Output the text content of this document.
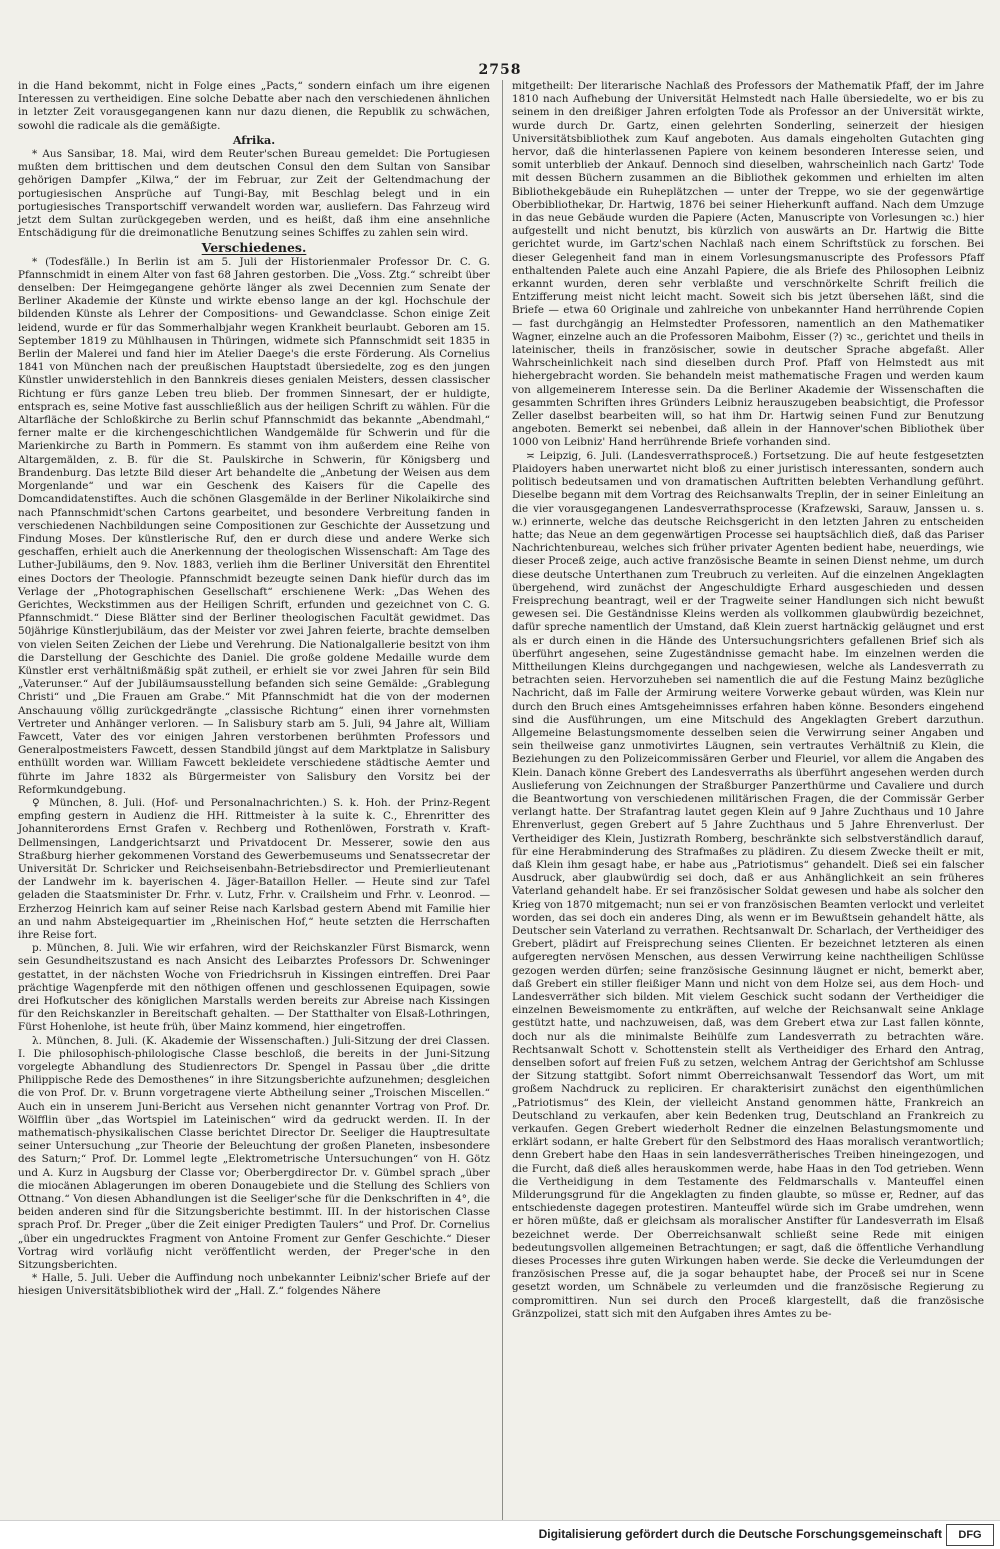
2758

in die Hand bekommt, nicht in Folge eines „Pacts,“ sondern einfach um ihre eigenen Interessen zu vertheidigen. Eine solche Debatte aber nach den verschiedenen ähnlichen in letzter Zeit vorausgegangenen kann nur dazu dienen, die Republik zu schwächen, sowohl die radicale als die gemäßigte.

Afrika.

* Aus Sansibar, 18. Mai, wird dem Reuter'schen Bureau gemeldet: Die Portugiesen mußten dem brittischen und dem deutschen Consul den dem Sultan von Sansibar gehörigen Dampfer „Kilwa,“ der im Februar, zur Zeit der Geltendmachung der portugiesischen Ansprüche auf Tungi-Bay, mit Beschlag belegt und in ein portugiesisches Transportschiff verwandelt worden war, ausliefern. Das Fahrzeug wird jetzt dem Sultan zurückgegeben werden, und es heißt, daß ihm eine ansehnliche Entschädigung für die dreimonatliche Benutzung seines Schiffes zu zahlen sein wird.

Verschiedenes.

* (Todesfälle.) In Berlin ist am 5. Juli der Historienmaler Professor Dr. C. G. Pfannschmidt in einem Alter von fast 68 Jahren gestorben. Die „Voss. Ztg.“ schreibt über denselben: Der Heimgegangene gehörte länger als zwei Decennien zum Senate der Berliner Akademie der Künste und wirkte ebenso lange an der kgl. Hochschule der bildenden Künste als Lehrer der Compositions- und Gewandclasse. Schon einige Zeit leidend, wurde er für das Sommerhalbjahr wegen Krankheit beurlaubt. Geboren am 15. September 1819 zu Mühlhausen in Thüringen, widmete sich Pfannschmidt seit 1835 in Berlin der Malerei und fand hier im Atelier Daege's die erste Förderung. Als Cornelius 1841 von München nach der preußischen Hauptstadt übersiedelte, zog es den jungen Künstler unwiderstehlich in den Bannkreis dieses genialen Meisters, dessen classischer Richtung er fürs ganze Leben treu blieb. Der frommen Sinnesart, der er huldigte, entsprach es, seine Motive fast ausschließlich aus der heiligen Schrift zu wählen. Für die Altarfläche der Schloßkirche zu Berlin schuf Pfannschmidt das bekannte „Abendmahl,“ ferner malte er die kirchengeschichtlichen Wandgemälde für Schwerin und für die Marienkirche zu Barth in Pommern. Es stammt von ihm außerdem eine Reihe von Altargemälden, z. B. für die St. Paulskirche in Schwerin, für Königsberg und Brandenburg. Das letzte Bild dieser Art behandelte die „Anbetung der Weisen aus dem Morgenlande“ und war ein Geschenk des Kaisers für die Capelle des Domcandidatenstiftes. Auch die schönen Glasgemälde in der Berliner Nikolaikirche sind nach Pfannschmidt'schen Cartons gearbeitet, und besondere Verbreitung fanden in verschiedenen Nachbildungen seine Compositionen zur Geschichte der Aussetzung und Findung Moses. Der künstlerische Ruf, den er durch diese und andere Werke sich geschaffen, erhielt auch die Anerkennung der theologischen Wissenschaft: Am Tage des Luther-Jubiläums, den 9. Nov. 1883, verlieh ihm die Berliner Universität den Ehrentitel eines Doctors der Theologie. Pfannschmidt bezeugte seinen Dank hiefür durch das im Verlage der „Photographischen Gesellschaft“ erschienene Werk: „Das Wehen des Gerichtes, Weckstimmen aus der Heiligen Schrift, erfunden und gezeichnet von C. G. Pfannschmidt.“ Diese Blätter sind der Berliner theologischen Facultät gewidmet. Das 50jährige Künstlerjubiläum, das der Meister vor zwei Jahren feierte, brachte demselben von vielen Seiten Zeichen der Liebe und Verehrung. Die Nationalgallerie besitzt von ihm die Darstellung der Geschichte des Daniel. Die große goldene Medaille wurde dem Künstler erst verhältnißmäßig spät zutheil, er erhielt sie vor zwei Jahren für sein Bild „Vaterunser.“ Auf der Jubiläumsausstellung befanden sich seine Gemälde: „Grablegung Christi“ und „Die Frauen am Grabe.“ Mit Pfannschmidt hat die von der modernen Anschauung völlig zurückgedrängte „classische Richtung“ einen ihrer vornehmsten Vertreter und Anhänger verloren. — In Salisbury starb am 5. Juli, 94 Jahre alt, William Fawcett, Vater des vor einigen Jahren verstorbenen berühmten Professors und Generalpostmeisters Fawcett, dessen Standbild jüngst auf dem Marktplatze in Salisbury enthüllt worden war. William Fawcett bekleidete verschiedene städtische Aemter und führte im Jahre 1832 als Bürgermeister von Salisbury den Vorsitz bei der Reformkundgebung.

♀ München, 8. Juli. (Hof- und Personalnachrichten.) S. k. Hoh. der Prinz-Regent empfing gestern in Audienz die HH. Rittmeister à la suite k. C., Ehrenritter des Johanniterordens Ernst Grafen v. Rechberg und Rothenlöwen, Forstrath v. Kraft-Dellmensingen, Landgerichtsarzt und Privatdocent Dr. Messerer, sowie den aus Straßburg hierher gekommenen Vorstand des Gewerbemuseums und Senatssecretar der Universität Dr. Schricker und Reichseisenbahn-Betriebsdirector und Premierlieutenant der Landwehr im k. bayerischen 4. Jäger-Bataillon Heller. — Heute sind zur Tafel geladen die Staatsminister Dr. Frhr. v. Lutz, Frhr. v. Crailsheim und Frhr. v. Leonrod. — Erzherzog Heinrich kam auf seiner Reise nach Karlsbad gestern Abend mit Familie hier an und nahm Absteigequartier im „Rheinischen Hof,“ heute setzten die Herrschaften ihre Reise fort.

p. München, 8. Juli. Wie wir erfahren, wird der Reichskanzler Fürst Bismarck, wenn sein Gesundheitszustand es nach Ansicht des Leibarztes Professors Dr. Schweninger gestattet, in der nächsten Woche von Friedrichsruh in Kissingen eintreffen. Drei Paar prächtige Wagenpferde mit den nöthigen offenen und geschlossenen Equipagen, sowie drei Hofkutscher des königlichen Marstalls werden bereits zur Abreise nach Kissingen für den Reichskanzler in Bereitschaft gehalten. — Der Statthalter von Elsaß-Lothringen, Fürst Hohenlohe, ist heute früh, über Mainz kommend, hier eingetroffen.

λ. München, 8. Juli. (K. Akademie der Wissenschaften.) Juli-Sitzung der drei Classen. I. Die philosophisch-philologische Classe beschloß, die bereits in der Juni-Sitzung vorgelegte Abhandlung des Studienrectors Dr. Spengel in Passau über „die dritte Philippische Rede des Demosthenes“ in ihre Sitzungsberichte aufzunehmen; desgleichen die von Prof. Dr. v. Brunn vorgetragene vierte Abtheilung seiner „Troischen Miscellen.“ Auch ein in unserem Juni-Bericht aus Versehen nicht genannter Vortrag von Prof. Dr. Wölfflin über „das Wortspiel im Lateinischen“ wird da gedruckt werden. II. In der mathematisch-physikalischen Classe berichtet Director Dr. Seeliger die Hauptresultate seiner Untersuchung „zur Theorie der Beleuchtung der großen Planeten, insbesondere des Saturn;“ Prof. Dr. Lommel legte „Elektrometrische Untersuchungen“ von H. Götz und A. Kurz in Augsburg der Classe vor; Oberbergdirector Dr. v. Gümbel sprach „über die miocänen Ablagerungen im oberen Donaugebiete und die Stellung des Schliers von Ottnang.“ Von diesen Abhandlungen ist die Seeliger'sche für die Denkschriften in 4°, die beiden anderen sind für die Sitzungsberichte bestimmt. III. In der historischen Classe sprach Prof. Dr. Preger „über die Zeit einiger Predigten Taulers“ und Prof. Dr. Cornelius „über ein ungedrucktes Fragment von Antoine Froment zur Genfer Geschichte.“ Dieser Vortrag wird vorläufig nicht veröffentlicht werden, der Preger'sche in den Sitzungsberichten.

* Halle, 5. Juli. Ueber die Auffindung noch unbekannter Leibniz'scher Briefe auf der hiesigen Universitätsbibliothek wird der „Hall. Z.“ folgendes Nähere

mitgetheilt: Der literarische Nachlaß des Professors der Mathematik Pfaff, der im Jahre 1810 nach Aufhebung der Universität Helmstedt nach Halle übersiedelte, wo er bis zu seinem in den dreißiger Jahren erfolgten Tode als Professor an der Universität wirkte, wurde durch Dr. Gartz, einen gelehrten Sonderling, seinerzeit der hiesigen Universitätsbibliothek zum Kauf angeboten. Aus damals eingeholten Gutachten ging hervor, daß die hinterlassenen Papiere von keinem besonderen Interesse seien, und somit unterblieb der Ankauf. Dennoch sind dieselben, wahrscheinlich nach Gartz' Tode mit dessen Büchern zusammen an die Bibliothek gekommen und erhielten im alten Bibliothekgebäude ein Ruheplätzchen — unter der Treppe, wo sie der gegenwärtige Oberbibliothekar, Dr. Hartwig, 1876 bei seiner Hieherkunft auffand. Nach dem Umzuge in das neue Gebäude wurden die Papiere (Acten, Manuscripte von Vorlesungen ꝛc.) hier aufgestellt und nicht benutzt, bis kürzlich von auswärts an Dr. Hartwig die Bitte gerichtet wurde, im Gartz'schen Nachlaß nach einem Schriftstück zu forschen. Bei dieser Gelegenheit fand man in einem Vorlesungsmanuscripte des Professors Pfaff enthaltenden Palete auch eine Anzahl Papiere, die als Briefe des Philosophen Leibniz erkannt wurden, deren sehr verblaßte und verschnörkelte Schrift freilich die Entzifferung meist nicht leicht macht. Soweit sich bis jetzt übersehen läßt, sind die Briefe — etwa 60 Originale und zahlreiche von unbekannter Hand herrührende Copien — fast durchgängig an Helmstedter Professoren, namentlich an den Mathematiker Wagner, einzelne auch an die Professoren Maibohm, Eisser (?) ꝛc., gerichtet und theils in lateinischer, theils in französischer, sowie in deutscher Sprache abgefaßt. Aller Wahrscheinlichkeit nach sind dieselben durch Prof. Pfaff von Helmstedt aus mit hiehergebracht worden. Sie behandeln meist mathematische Fragen und werden kaum von allgemeinerem Interesse sein. Da die Berliner Akademie der Wissenschaften die gesammten Schriften ihres Gründers Leibniz herauszugeben beabsichtigt, die Professor Zeller daselbst bearbeiten will, so hat ihm Dr. Hartwig seinen Fund zur Benutzung angeboten. Bemerkt sei nebenbei, daß allein in der Hannover'schen Bibliothek über 1000 von Leibniz' Hand herrührende Briefe vorhanden sind.

≍ Leipzig, 6. Juli. (Landesverrathsproceß.) Fortsetzung. Die auf heute festgesetzten Plaidoyers haben unerwartet nicht bloß zu einer juristisch interessanten, sondern auch politisch bedeutsamen und von dramatischen Auftritten belebten Verhandlung geführt. Dieselbe begann mit dem Vortrag des Reichsanwalts Treplin, der in seiner Einleitung an die vier vorausgegangenen Landesverrathsprocesse (Krafzewski, Sarauw, Janssen u. s. w.) erinnerte, welche das deutsche Reichsgericht in den letzten Jahren zu entscheiden hatte; das Neue an dem gegenwärtigen Processe sei hauptsächlich dieß, daß das Pariser Nachrichtenbureau, welches sich früher privater Agenten bedient habe, neuerdings, wie dieser Proceß zeige, auch active französische Beamte in seinen Dienst nehme, um durch diese deutsche Unterthanen zum Treubruch zu verleiten. Auf die einzelnen Angeklagten übergehend, wird zunächst der Angeschuldigte Erhard ausgeschieden und dessen Freisprechung beantragt, weil er der Tragweite seiner Handlungen sich nicht bewußt gewesen sei. Die Geständnisse Kleins werden als vollkommen glaubwürdig bezeichnet, dafür spreche namentlich der Umstand, daß Klein zuerst hartnäckig geläugnet und erst als er durch einen in die Hände des Untersuchungsrichters gefallenen Brief sich als überführt angesehen, seine Zugeständnisse gemacht habe. Im einzelnen werden die Mittheilungen Kleins durchgegangen und nachgewiesen, welche als Landesverrath zu betrachten seien. Hervorzuheben sei namentlich die auf die Festung Mainz bezügliche Nachricht, daß im Falle der Armirung weitere Vorwerke gebaut würden, was Klein nur durch den Bruch eines Amtsgeheimnisses erfahren haben könne. Besonders eingehend sind die Ausführungen, um eine Mitschuld des Angeklagten Grebert darzuthun. Allgemeine Belastungsmomente desselben seien die Verwirrung seiner Angaben und sein theilweise ganz unmotivirtes Läugnen, sein vertrautes Verhältniß zu Klein, die Beziehungen zu den Polizeicommissären Gerber und Fleuriel, vor allem die Angaben des Klein. Danach könne Grebert des Landesverraths als überführt angesehen werden durch Auslieferung von Zeichnungen der Straßburger Panzerthürme und Cavaliere und durch die Beantwortung von verschiedenen militärischen Fragen, die der Commissär Gerber verlangt hatte. Der Strafantrag lautet gegen Klein auf 9 Jahre Zuchthaus und 10 Jahre Ehrenverlust, gegen Grebert auf 5 Jahre Zuchthaus und 5 Jahre Ehrenverlust. Der Vertheidiger des Klein, Justizrath Romberg, beschränkte sich selbstverständlich darauf, für eine Herabminderung des Strafmaßes zu plädiren. Zu diesem Zwecke theilt er mit, daß Klein ihm gesagt habe, er habe aus „Patriotismus“ gehandelt. Dieß sei ein falscher Ausdruck, aber glaubwürdig sei doch, daß er aus Anhänglichkeit an sein früheres Vaterland gehandelt habe. Er sei französischer Soldat gewesen und habe als solcher den Krieg von 1870 mitgemacht; nun sei er von französischen Beamten verlockt und verleitet worden, das sei doch ein anderes Ding, als wenn er im Bewußtsein gehandelt hätte, als Deutscher sein Vaterland zu verrathen. Rechtsanwalt Dr. Scharlach, der Vertheidiger des Grebert, plädirt auf Freisprechung seines Clienten. Er bezeichnet letzteren als einen aufgeregten nervösen Menschen, aus dessen Verwirrung keine nachtheiligen Schlüsse gezogen werden dürfen; seine französische Gesinnung läugnet er nicht, bemerkt aber, daß Grebert ein stiller fleißiger Mann und nicht von dem Holze sei, aus dem Hoch- und Landesverräther sich bilden. Mit vielem Geschick sucht sodann der Vertheidiger die einzelnen Beweismomente zu entkräften, auf welche der Reichsanwalt seine Anklage gestützt hatte, und nachzuweisen, daß, was dem Grebert etwa zur Last fallen könnte, doch nur als die minimalste Beihülfe zum Landesverrath zu betrachten wäre. Rechtsanwalt Schott v. Schottenstein stellt als Vertheidiger des Erhard den Antrag, denselben sofort auf freien Fuß zu setzen, welchem Antrag der Gerichtshof am Schlusse der Sitzung stattgibt. Sofort nimmt Oberreichsanwalt Tessendorf das Wort, um mit großem Nachdruck zu repliciren. Er charakterisirt zunächst den eigenthümlichen „Patriotismus“ des Klein, der vielleicht Anstand genommen hätte, Frankreich an Deutschland zu verkaufen, aber kein Bedenken trug, Deutschland an Frankreich zu verkaufen. Gegen Grebert wiederholt Redner die einzelnen Belastungsmomente und erklärt sodann, er halte Grebert für den Selbstmord des Haas moralisch verantwortlich; denn Grebert habe den Haas in sein landesverrätherisches Treiben hineingezogen, und die Furcht, daß dieß alles herauskommen werde, habe Haas in den Tod getrieben. Wenn die Vertheidigung in dem Testamente des Feldmarschalls v. Manteuffel einen Milderungsgrund für die Angeklagten zu finden glaubte, so müsse er, Redner, auf das entschiedenste dagegen protestiren. Manteuffel würde sich im Grabe umdrehen, wenn er hören müßte, daß er gleichsam als moralischer Anstifter für Landesverrath im Elsaß bezeichnet werde. Der Oberreichsanwalt schließt seine Rede mit einigen bedeutungsvollen allgemeinen Betrachtungen; er sagt, daß die öffentliche Verhandlung dieses Processes ihre guten Wirkungen haben werde. Sie decke die Verleumdungen der französischen Presse auf, die ja sogar behauptet habe, der Proceß sei nur in Scene gesetzt worden, um Schnäbele zu verleumden und die französische Regierung zu compromittiren. Nun sei durch den Proceß klargestellt, daß die französische Gränzpolizei, statt sich mit den Aufgaben ihres Amtes zu be-

Digitalisierung gefördert durch die Deutsche Forschungsgemeinschaft	DFG
